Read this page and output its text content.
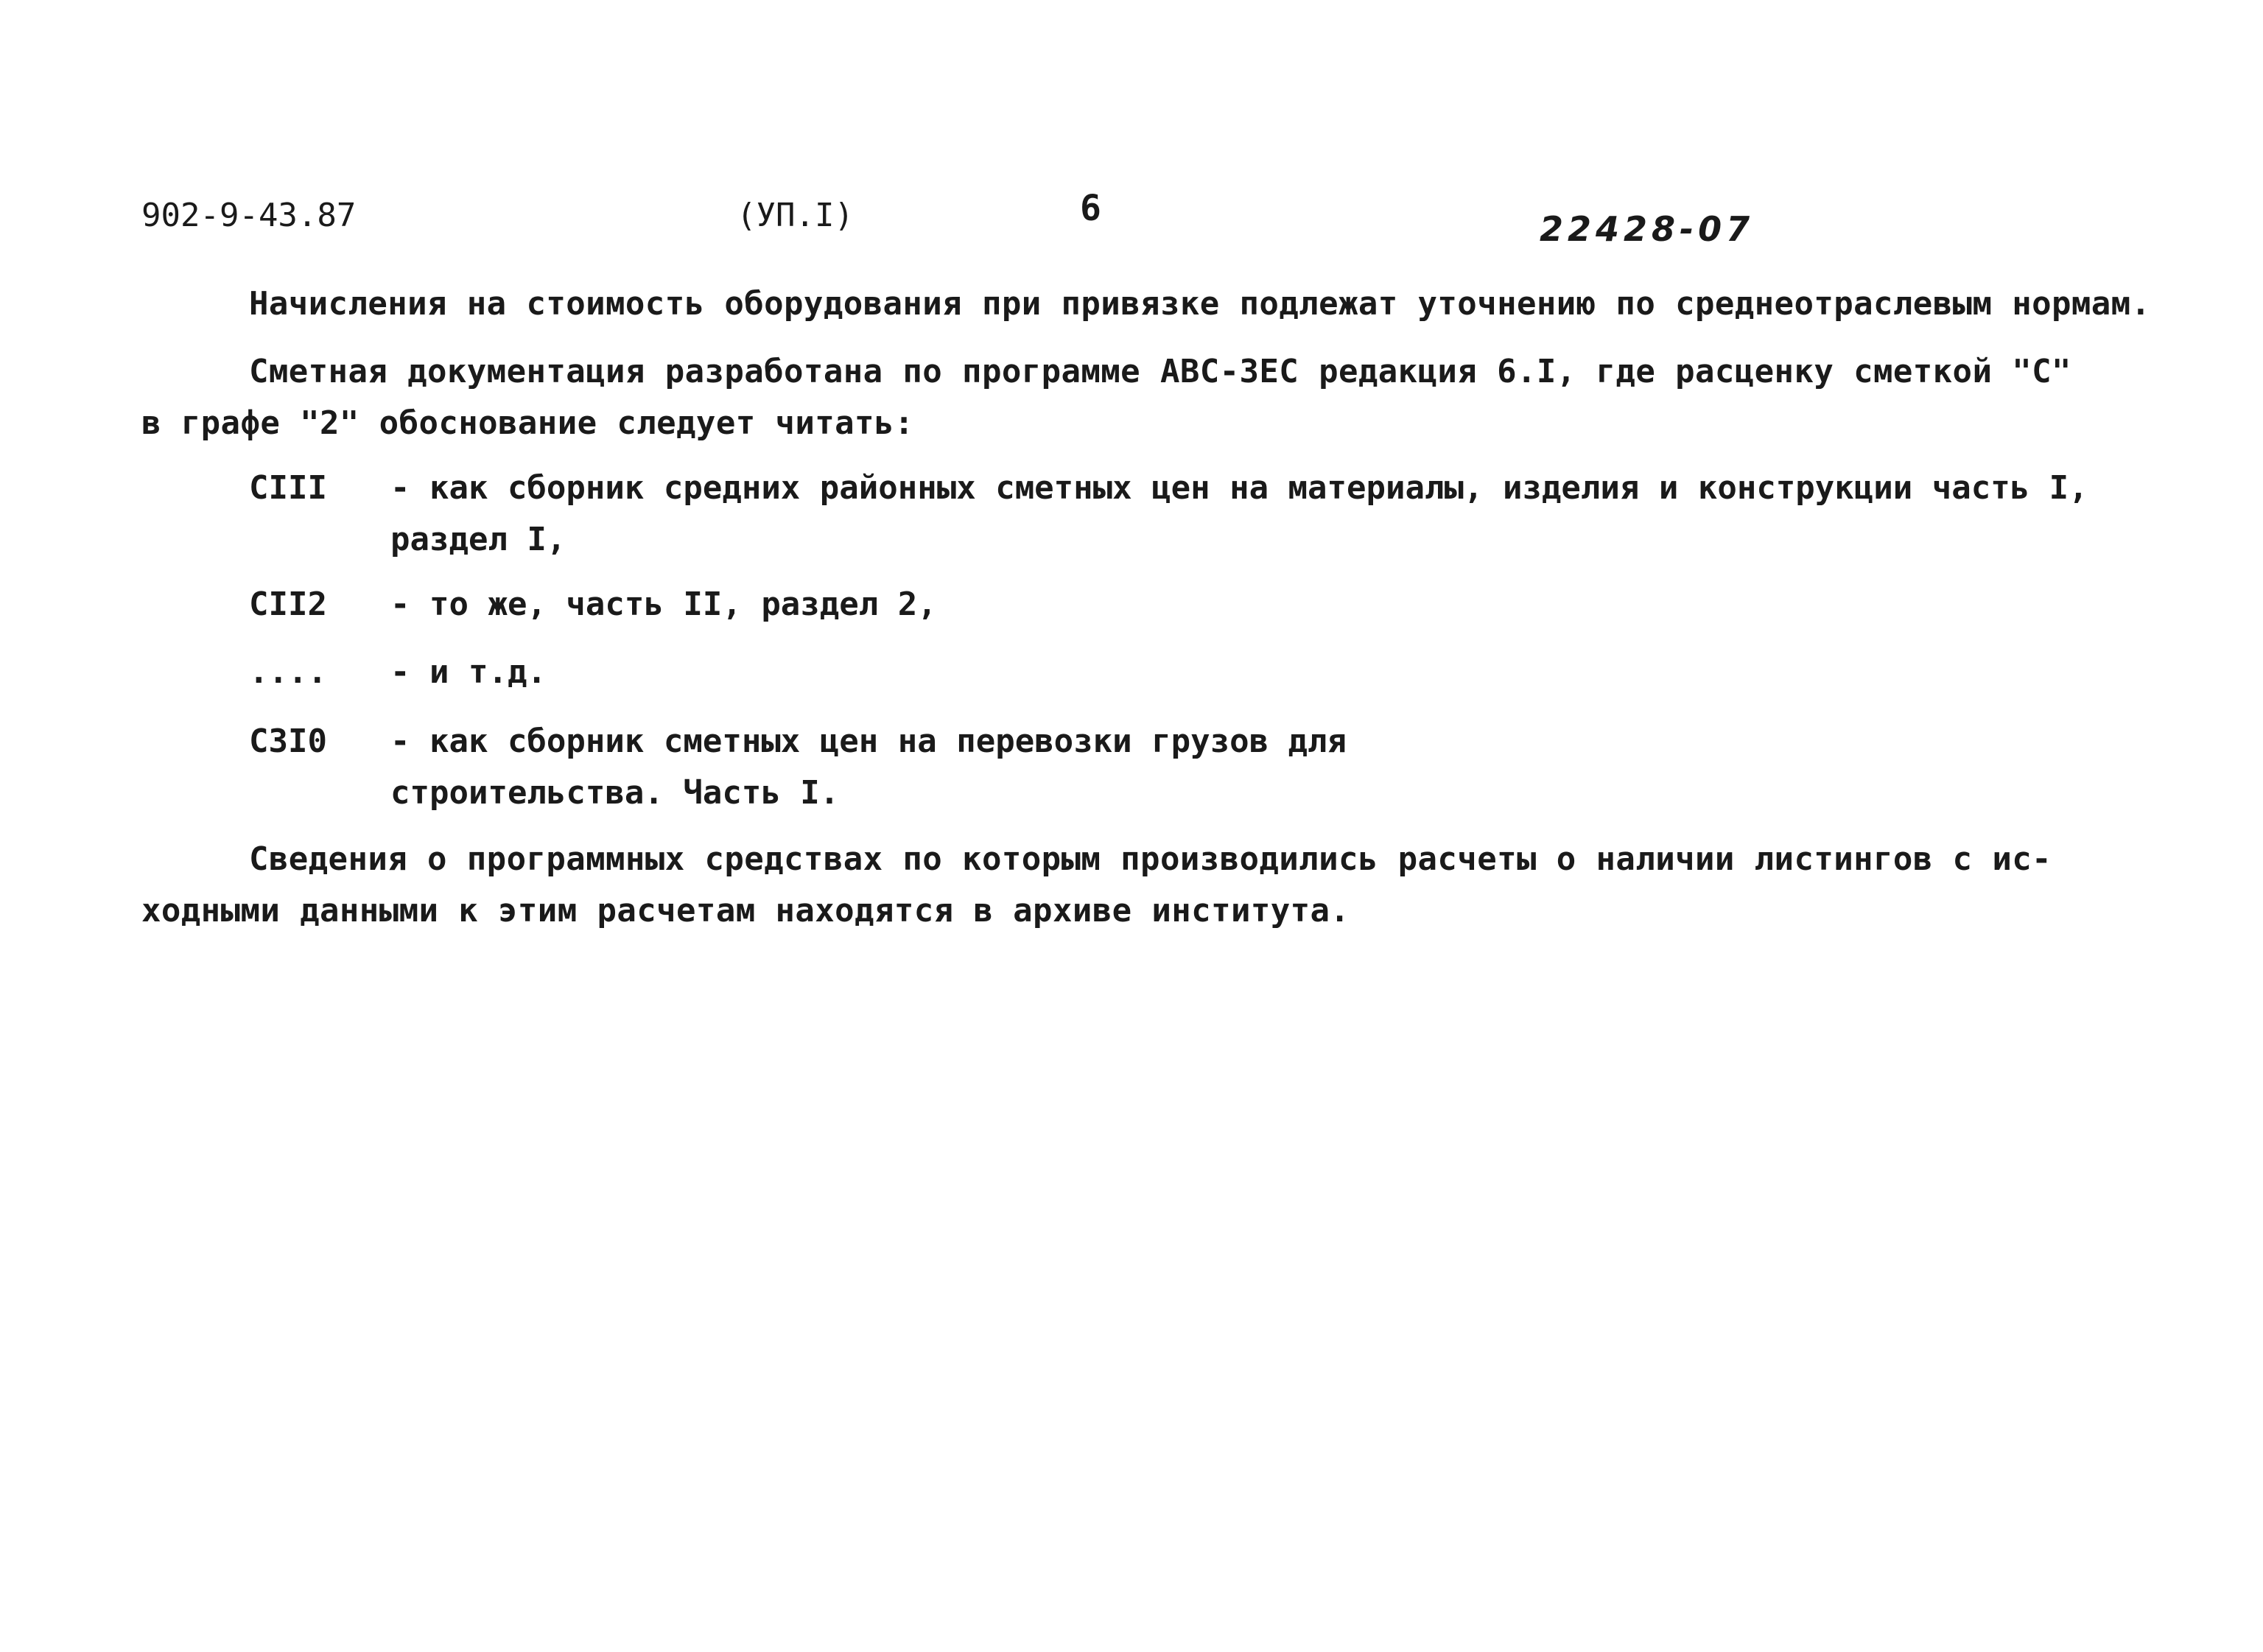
902-9-43.87	(УП.I)	6	22428-07
Начисления на стоимость оборудования при привязке подлежат уточнению по среднеотраслевым нормам.
Сметная документация разработана по программе АВС-ЗЕС редакция 6.I, где расценку сметкой "С"
в графе "2" обоснование следует читать:
CIII - как сборник средних районных сметных цен на материалы, изделия и конструкции часть I,
раздел I,
CII2 - то же, часть II, раздел 2,
.... - и т.д.
C3I0 - как сборник сметных цен на перевозки грузов для
строительства. Часть I.
Сведения о программных средствах по которым производились расчеты о наличии листингов с ис-
ходными данными к этим расчетам находятся в архиве института.
